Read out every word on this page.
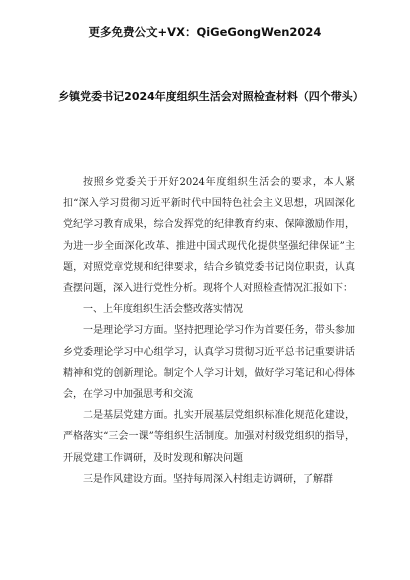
更多免费公文+VX：QiGeGongWen2024
乡镇党委书记2024年度组织生活会对照检查材料（四个带头）

按照乡党委关于开好2024年度组织生活会的要求，本人紧扣“深入学习贯彻习近平新时代中国特色社会主义思想，巩固深化党纪学习教育成果，综合发挥党的纪律教育约束、保障激励作用，为进一步全面深化改革、推进中国式现代化提供坚强纪律保证”主题，对照党章党规和纪律要求，结合乡镇党委书记岗位职责，认真查摆问题，深入进行党性分析。现将个人对照检查情况汇报如下：

一、上年度组织生活会整改落实情况

一是理论学习方面。坚持把理论学习作为首要任务，带头参加乡党委理论学习中心组学习，认真学习贯彻习近平总书记重要讲话精神和党的创新理论。制定个人学习计划，做好学习笔记和心得体会，在学习中加强思考和交流

二是基层党建方面。扎实开展基层党组织标准化规范化建设，严格落实“三会一课”等组织生活制度。加强对村级党组织的指导，开展党建工作调研，及时发现和解决问题

三是作风建设方面。坚持每周深入村组走访调研，了解群
